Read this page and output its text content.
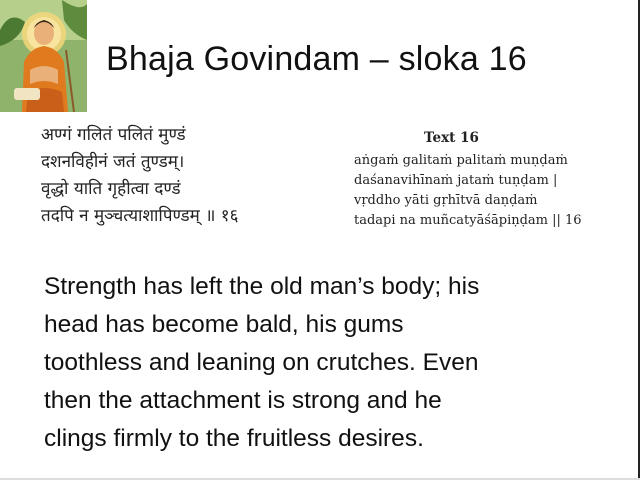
Bhaja Govindam – sloka 16
अण्गं गलितं पलितं मुण्डं
दशनविहीनं जतं तुण्डम्।
वृद्धो याति गृहीत्वा दण्डं
तदपि न मुञ्चत्याशापिण्डम् ॥ १६
Text 16
aṅgaṁ galitaṁ palitaṁ muṇḍaṁ
daśanavihīnaṁ jataṁ tuṇḍam |
vṛddho yāti gṛhītvā daṇḍaṁ
tadapi na muñcatyāśāpiṇḍam || 16
Strength has left the old man’s body; his
head has become bald, his gums
toothless and leaning on crutches. Even
then the attachment is strong and he
clings firmly to the fruitless desires.
